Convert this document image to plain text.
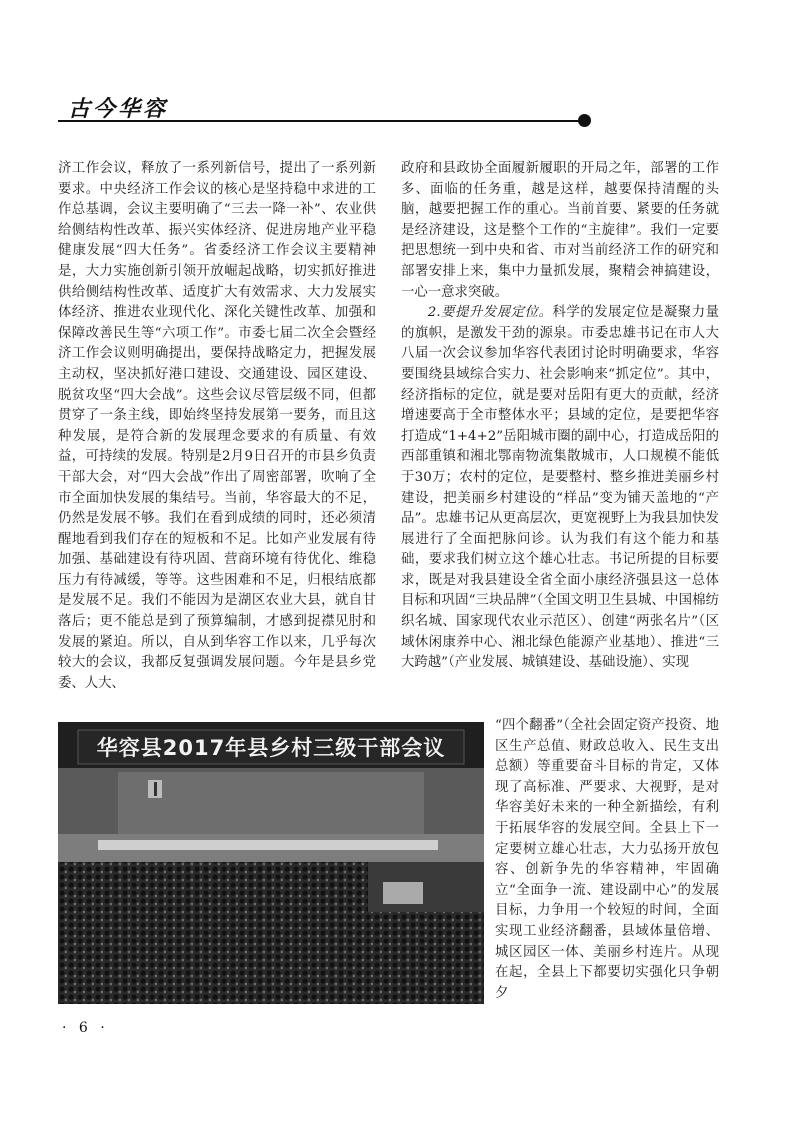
古今华容

济工作会议，释放了一系列新信号，提出了一系列新要求。中央经济工作会议的核心是坚持稳中求进的工作总基调，会议主要明确了“三去一降一补”、农业供给侧结构性改革、振兴实体经济、促进房地产业平稳健康发展“四大任务”。省委经济工作会议主要精神是，大力实施创新引领开放崛起战略，切实抓好推进供给侧结构性改革、适度扩大有效需求、大力发展实体经济、推进农业现代化、深化关键性改革、加强和保障改善民生等“六项工作”。市委七届二次全会暨经济工作会议则明确提出，要保持战略定力，把握发展主动权，坚决抓好港口建设、交通建设、园区建设、脱贫攻坚“四大会战”。这些会议尽管层级不同，但都贯穿了一条主线，即始终坚持发展第一要务，而且这种发展，是符合新的发展理念要求的有质量、有效益，可持续的发展。特别是2月9日召开的市县乡负责干部大会，对“四大会战”作出了周密部署，吹响了全市全面加快发展的集结号。当前，华容最大的不足，仍然是发展不够。我们在看到成绩的同时，还必须清醒地看到我们存在的短板和不足。比如产业发展有待加强、基础建设有待巩固、营商环境有待优化、维稳压力有待减缓，等等。这些困难和不足，归根结底都是发展不足。我们不能因为是湖区农业大县，就自甘落后；更不能总是到了预算编制，才感到捉襟见肘和发展的紧迫。所以，自从到华容工作以来，几乎每次较大的会议，我都反复强调发展问题。今年是县乡党委、人大、

政府和县政协全面履新履职的开局之年，部署的工作多、面临的任务重，越是这样，越要保持清醒的头脑，越要把握工作的重心。当前首要、紧要的任务就是经济建设，这是整个工作的“主旋律”。我们一定要把思想统一到中央和省、市对当前经济工作的研究和部署安排上来，集中力量抓发展，聚精会神搞建设，一心一意求突破。

2.要提升发展定位。科学的发展定位是凝聚力量的旗帜，是激发干劲的源泉。市委忠雄书记在市人大八届一次会议参加华容代表团讨论时明确要求，华容要围绕县域综合实力、社会影响来“抓定位”。其中，经济指标的定位，就是要对岳阳有更大的贡献，经济增速要高于全市整体水平；县域的定位，是要把华容打造成“1+4+2”岳阳城市圈的副中心，打造成岳阳的西部重镇和湘北鄂南物流集散城市，人口规模不能低于30万；农村的定位，是要整村、整乡推进美丽乡村建设，把美丽乡村建设的“样品”变为铺天盖地的“产品”。忠雄书记从更高层次，更宽视野上为我县加快发展进行了全面把脉问诊。认为我们有这个能力和基础，要求我们树立这个雄心壮志。书记所提的目标要求，既是对我县建设全省全面小康经济强县这一总体目标和巩固“三块品牌”（全国文明卫生县城、中国棉纺织名城、国家现代农业示范区）、创建“两张名片”（区域休闲康养中心、湘北绿色能源产业基地）、推进“三大跨越”（产业发展、城镇建设、基础设施）、实现

“四个翻番”（全社会固定资产投资、地区生产总值、财政总收入、民生支出总额）等重要奋斗目标的肯定，又体现了高标准、严要求、大视野，是对华容美好未来的一种全新描绘，有利于拓展华容的发展空间。全县上下一定要树立雄心壮志，大力弘扬开放包容、创新争先的华容精神，牢固确立“全面争一流、建设副中心”的发展目标，力争用一个较短的时间，全面实现工业经济翻番，县域体量倍增、城区园区一体、美丽乡村连片。从现在起，全县上下都要切实强化只争朝夕

华容县2017年县乡村三级干部会议
· 6 ·
